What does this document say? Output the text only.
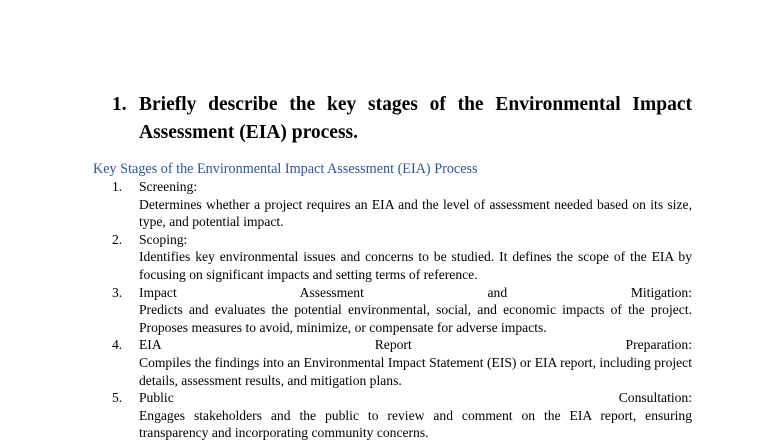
1. Briefly describe the key stages of the Environmental Impact Assessment (EIA) process.
Key Stages of the Environmental Impact Assessment (EIA) Process
1. Screening:
Determines whether a project requires an EIA and the level of assessment needed based on its size, type, and potential impact.
2. Scoping:
Identifies key environmental issues and concerns to be studied. It defines the scope of the EIA by focusing on significant impacts and setting terms of reference.
3. Impact Assessment and Mitigation:
Predicts and evaluates the potential environmental, social, and economic impacts of the project. Proposes measures to avoid, minimize, or compensate for adverse impacts.
4. EIA Report Preparation:
Compiles the findings into an Environmental Impact Statement (EIS) or EIA report, including project details, assessment results, and mitigation plans.
5. Public Consultation:
Engages stakeholders and the public to review and comment on the EIA report, ensuring transparency and incorporating community concerns.
